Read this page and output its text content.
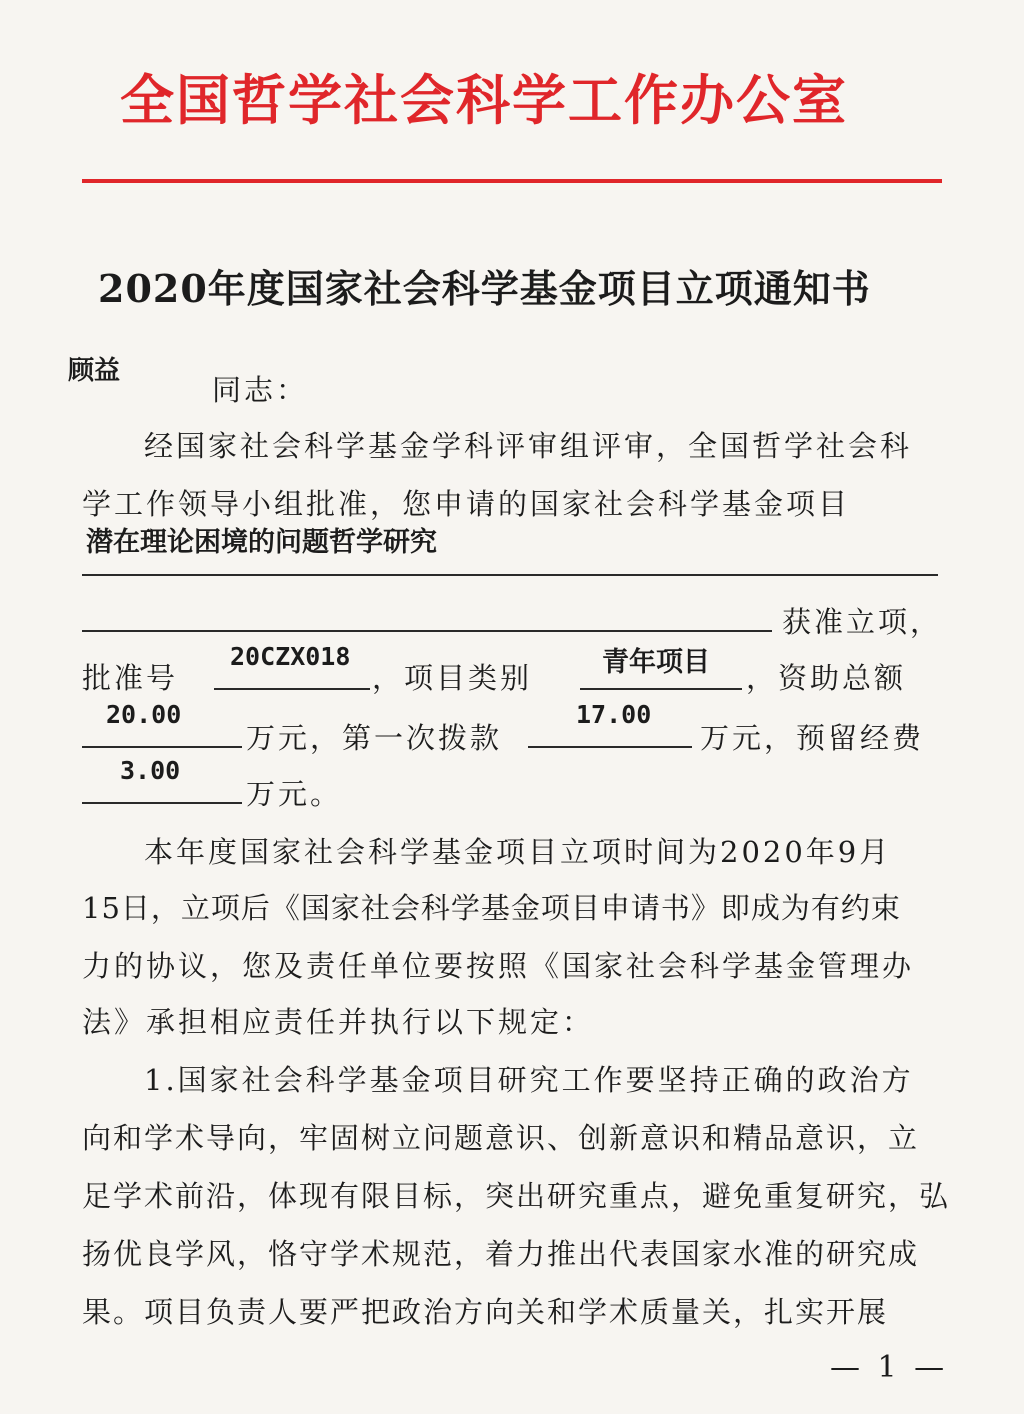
全国哲学社会科学工作办公室
2020年度国家社会科学基金项目立项通知书
顾益
同志：
经国家社会科学基金学科评审组评审，全国哲学社会科
学工作领导小组批准，您申请的国家社会科学基金项目
潜在理论困境的问题哲学研究
获准立项，
批准号
20CZX018
，项目类别	青年项目 ，资助总额
20.00
万元，第一次拨款
17.00
万元，预留经费
3.00
万元。
本年度国家社会科学基金项目立项时间为2020年9月
15日，立项后《国家社会科学基金项目申请书》即成为有约束
力的协议，您及责任单位要按照《国家社会科学基金管理办
法》承担相应责任并执行以下规定：
1.国家社会科学基金项目研究工作要坚持正确的政治方
向和学术导向，牢固树立问题意识、创新意识和精品意识，立
足学术前沿，体现有限目标，突出研究重点，避免重复研究，弘
扬优良学风，恪守学术规范，着力推出代表国家水准的研究成
果。项目负责人要严把政治方向关和学术质量关，扎实开展
— 1 —
